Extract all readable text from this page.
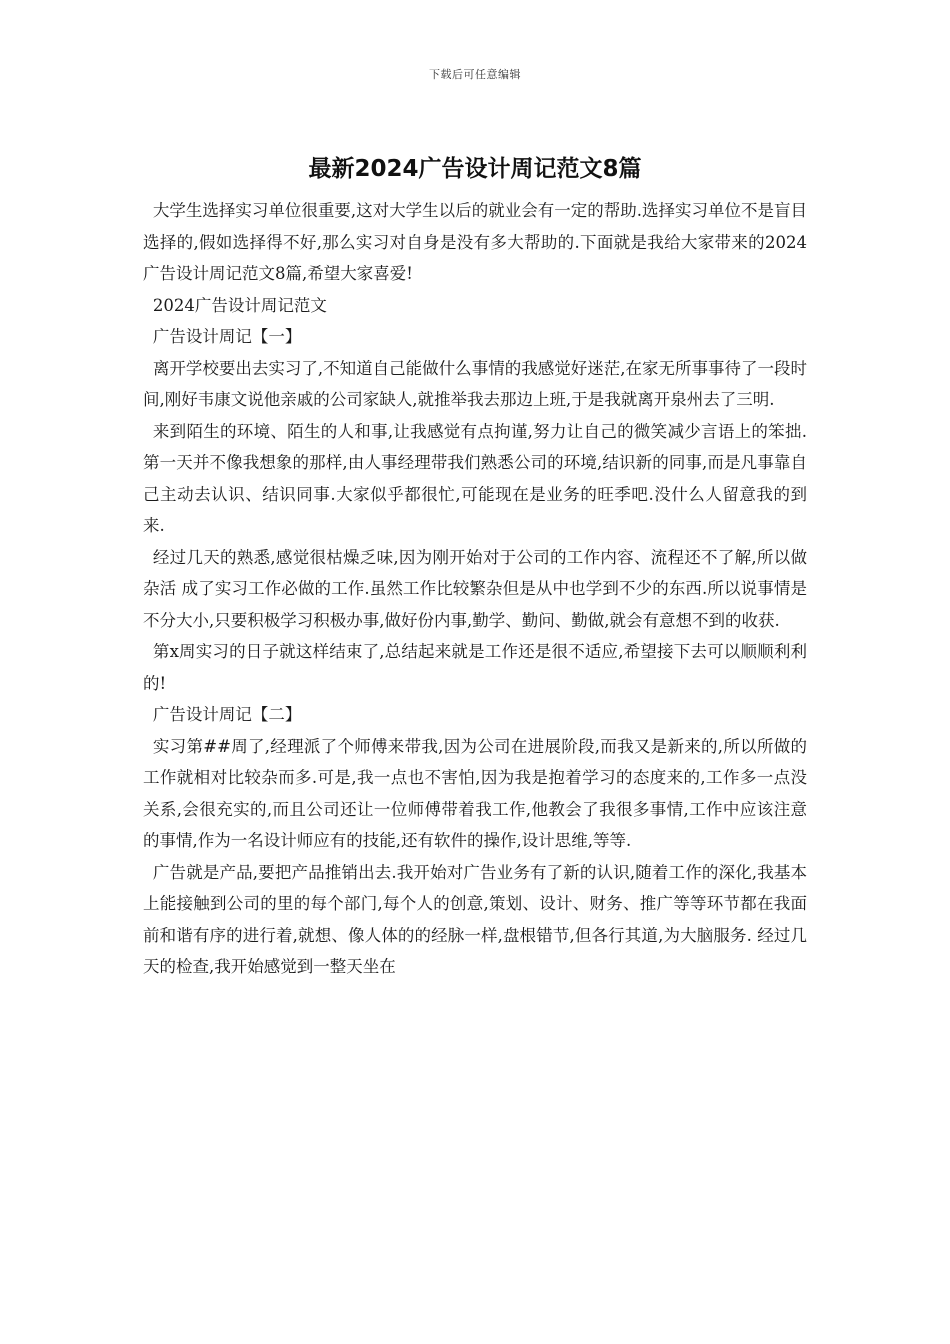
下载后可任意编辑
最新2024广告设计周记范文8篇

大学生选择实习单位很重要,这对大学生以后的就业会有一定的帮助.选择实习单位不是盲目选择的,假如选择得不好,那么实习对自身是没有多大帮助的.下面就是我给大家带来的2024广告设计周记范文8篇,希望大家喜爱!

2024广告设计周记范文

广告设计周记【一】

离开学校要出去实习了,不知道自己能做什么事情的我感觉好迷茫,在家无所事事待了一段时间,刚好韦康文说他亲戚的公司家缺人,就推举我去那边上班,于是我就离开泉州去了三明.

来到陌生的环境、陌生的人和事,让我感觉有点拘谨,努力让自己的微笑减少言语上的笨拙.第一天并不像我想象的那样,由人事经理带我们熟悉公司的环境,结识新的同事,而是凡事靠自己主动去认识、结识同事.大家似乎都很忙,可能现在是业务的旺季吧.没什么人留意我的到来.

经过几天的熟悉,感觉很枯燥乏味,因为刚开始对于公司的工作内容、流程还不了解,所以做 杂活 成了实习工作必做的工作.虽然工作比较繁杂但是从中也学到不少的东西.所以说事情是不分大小,只要积极学习积极办事,做好份内事,勤学、勤问、勤做,就会有意想不到的收获.

第x周实习的日子就这样结束了,总结起来就是工作还是很不适应,希望接下去可以顺顺利利的!

广告设计周记【二】

实习第##周了,经理派了个师傅来带我,因为公司在进展阶段,而我又是新来的,所以所做的工作就相对比较杂而多.可是,我一点也不害怕,因为我是抱着学习的态度来的,工作多一点没关系,会很充实的,而且公司还让一位师傅带着我工作,他教会了我很多事情,工作中应该注意的事情,作为一名设计师应有的技能,还有软件的操作,设计思维,等等.

广告就是产品,要把产品推销出去.我开始对广告业务有了新的认识,随着工作的深化,我基本上能接触到公司的里的每个部门,每个人的创意,策划、设计、财务、推广等等环节都在我面前和谐有序的进行着,就想、像人体的的经脉一样,盘根错节,但各行其道,为大脑服务. 经过几天的检查,我开始感觉到一整天坐在
